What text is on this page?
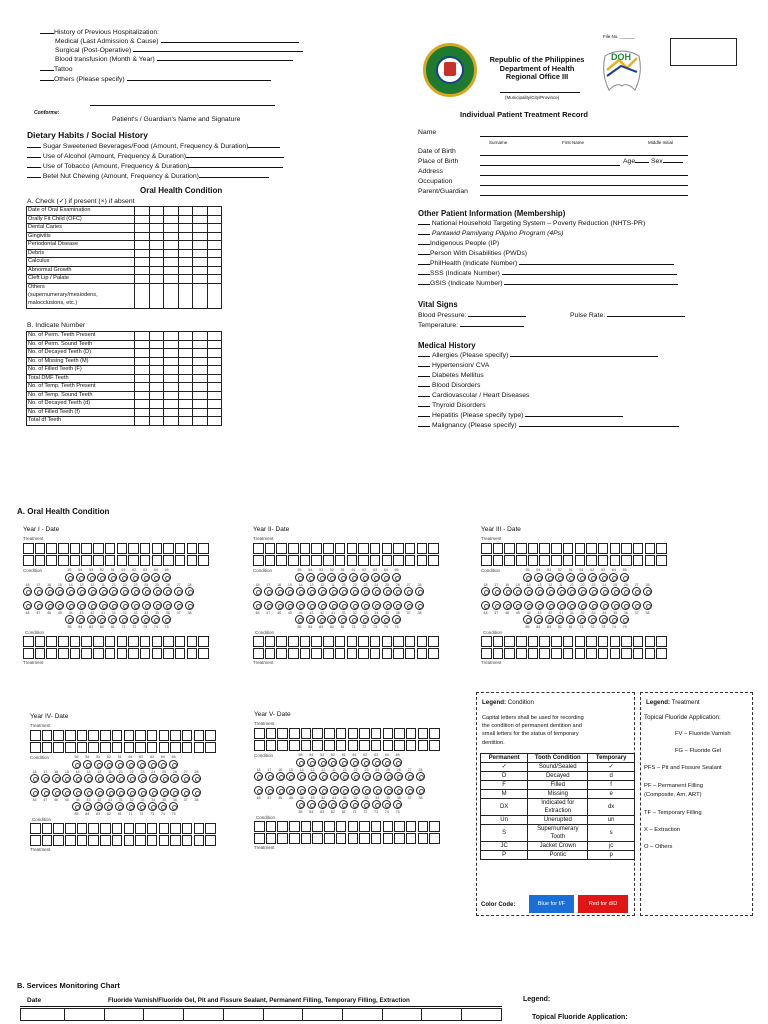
History of Previous Hospitalization:
Medical (Last Admission & Cause)
Surgical (Post-Operative)
Blood transfusion (Month & Year)
Tattoo
Others (Please specify)
Conforme:
Patient's / Guardian's Name and Signature
Dietary Habits / Social History
Sugar Sweetened Beverages/Food (Amount, Frequency & Duration)
Use of Alcohol (Amount, Frequency & Duration)
Use of Tobacco (Amount, Frequency & Duration)
Betel Nut Chewing (Amount, Frequency & Duration)
Oral Health Condition
A. Check (✓) if present (×) if absent
Date of Oral Examination						
Orally Fit Child (OFC)						
Dental Caries						
Gingivitis						
Periodontal Disease						
Debris						
Calculus						
Abnormal Growth						
Cleft Lip / Palate						
Others						
(supernumerary/mesiodens,						
malocclusions, etc.)						
B. Indicate Number
No. of Perm. Teeth Present						
No. of Perm. Sound Teeth						
No. of Decayed Teeth (D)						
No. of Missing Teeth (M)						
No. of Filled Teeth (F)						
Total DMF Teeth						
No. of Temp. Teeth Present						
No. of Temp. Sound Teeth						
No. of Decayed Teeth (d)						
No. of Filled Teeth (f)						
Total df Teeth						
Republic of the Philippines
Department of Health
Regional Office III
DOH
File No. ______
(Municipality/City/Province)
Individual Patient Treatment Record
Name
Surname	First Name	Middle Initial
Date of Birth
Place of Birth	Age Sex
Address
Occupation
Parent/Guardian
Other Patient Information (Membership)
National Household Targeting System – Poverty Reduction (NHTS-PR)
Pantawid Pamilyang Pilipino Program (4Ps)
Indigenous People (IP)
Person With Disabilities (PWDs)
PhilHealth (Indicate Number)
SSS (Indicate Number)
GSIS (Indicate Number)
Vital Signs
Blood Pressure:	Pulse Rate:
Temperature:
Medical History
Allergies (Please specify)
Hypertension/ CVA
Diabetes Mellitus
Blood Disorders
Cardiovascular / Heart Diseases
Thyroid Disorders
Hepatitis (Please specify type)
Malignancy (Please specify)
A. Oral Health Condition
Year I - Date
Treatment
Condition	55	54	53	52	51	61	62	63	64	65
18	17	16	15	14	13	12	11	21	22	23	24	25	26	27	28
48	47	46	45	44	43	42	41	31	32	33	34	35	36	37	38
85	84	83	82	81	71	72	73	74	75
Condition
Treatment
Year II- Date
Treatment
Condition	55	54	53	52	51	61	62	63	64	65
18	17	16	15	14	13	12	11	21	22	23	24	25	26	27	28
48	47	46	45	44	43	42	41	31	32	33	34	35	36	37	38
85	84	83	82	81	71	72	73	74	75
Condition
Treatment
Year III - Date
Treatment
Condition	55	54	53	52	51	61	62	63	64	65
18	17	16	15	14	13	12	11	21	22	23	24	25	26	27	28
48	47	46	45	44	43	42	41	31	32	33	34	35	36	37	38
85	84	83	82	81	71	72	73	74	75
Condition
Treatment
Year IV- Date
Treatment
Condition	55	54	53	52	51	61	62	63	64	65
18	17	16	15	14	13	12	11	21	22	23	24	25	26	27	28
48	47	46	45	44	43	42	41	31	32	33	34	35	36	37	38
85	84	83	82	81	71	72	73	74	75
Condition
Treatment
Year V- Date
Treatment
Condition	55	54	53	52	51	61	62	63	64	65
18	17	16	15	14	13	12	11	21	22	23	24	25	26	27	28
48	47	46	45	44	43	42	41	31	32	33	34	35	36	37	38
85	84	83	82	81	71	72	73	74	75
Condition
Treatment
Legend: Condition
Capital letters shall be used for recording
the condition of permanent dentition and
small letters for the status of temporary
dentition.
Permanent	Tooth Condition	Temporary
✓	Sound/Sealed	✓
D	Decayed	d
F	Filled	f
M	Missing	e
DX	Indicated for Extraction	dx
Un	Unerupted	un
S	Supernumerary Tooth	s
JC	Jacket Crown	jc
P	Pontic	p
Color Code:	Blue for f/F	Red for d/D
Legend: Treatment
Topical Fluoride Application:
FV – Fluoride Varnish
FG – Fluoride Gel
PFS – Pit and Fissure Sealant
PF – Permanent Filling
(Composite, Am, ART)
TF – Temporary Filling
X – Extraction
O – Others
B. Services Monitoring Chart
Date	Fluoride Varnish/Fluoride Gel, Pit and Fissure Sealant, Permanent Filling, Temporary Filling, Extraction
												Legend:
Topical Fluoride Application:
